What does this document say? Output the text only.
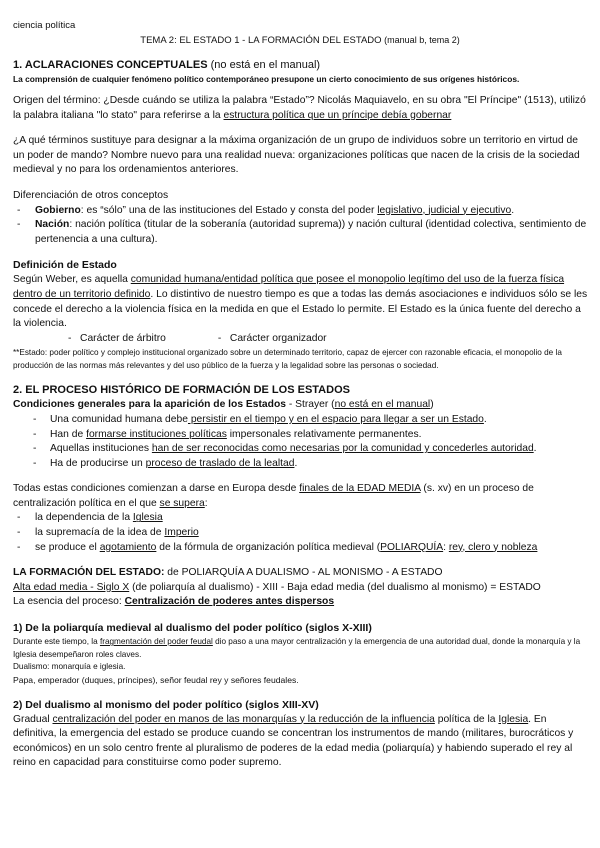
ciencia política
TEMA 2: EL ESTADO 1 - LA FORMACIÓN DEL ESTADO (manual b, tema 2)

1. ACLARACIONES CONCEPTUALES (no está en el manual)

La comprensión de cualquier fenómeno político contemporáneo presupone un cierto conocimiento de sus orígenes históricos.

Origen del término: ¿Desde cuándo se utiliza la palabra “Estado”? Nicolás Maquiavelo, en su obra "El Príncipe" (1513), utilizó la palabra italiana "lo stato" para referirse a la estructura política que un príncipe debía gobernar

¿A qué términos sustituye para designar a la máxima organización de un grupo de individuos sobre un territorio en virtud de un poder de mando? Nombre nuevo para una realidad nueva: organizaciones políticas que nacen de la crisis de la sociedad medieval y no para los ordenamientos anteriores.

Diferenciación de otros conceptos

- Gobierno: es “sólo” una de las instituciones del Estado y consta del poder legislativo, judicial y ejecutivo.
- Nación: nación política (titular de la soberanía (autoridad suprema)) y nación cultural (identidad colectiva, sentimiento de pertenencia a una cultura).

Definición de Estado

Según Weber, es aquella comunidad humana/entidad política que posee el monopolio legítimo del uso de la fuerza física dentro de un territorio definido. Lo distintivo de nuestro tiempo es que a todas las demás asociaciones e individuos sólo se les concede el derecho a la violencia física en la medida en que el Estado lo permite. El Estado es la única fuente del derecho a la violencia.

-   Carácter de árbitro	-   Carácter organizador

**Estado: poder político y complejo institucional organizado sobre un determinado territorio, capaz de ejercer con razonable eficacia, el monopolio de la producción de las normas más relevantes y del uso público de la fuerza y la legalidad sobre las personas o sociedad.

2. EL PROCESO HISTÓRICO DE FORMACIÓN DE LOS ESTADOS

Condiciones generales para la aparición de los Estados - Strayer (no está en el manual)

- Una comunidad humana debe persistir en el tiempo y en el espacio para llegar a ser un Estado.
- Han de formarse instituciones políticas impersonales relativamente permanentes.
- Aquellas instituciones han de ser reconocidas como necesarias por la comunidad y concederles autoridad.
- Ha de producirse un proceso de traslado de la lealtad.

Todas estas condiciones comienzan a darse en Europa desde finales de la EDAD MEDIA (s. xv) en un proceso de centralización política en el que se supera:

- la dependencia de la Iglesia
- la supremacía de la idea de Imperio
- se produce el agotamiento de la fórmula de organización política medieval (POLIARQUÍA: rey, clero y nobleza

LA FORMACIÓN DEL ESTADO: de POLIARQUÍA A DUALISMO - AL MONISMO - A ESTADO

Alta edad media - Siglo X (de poliarquía al dualismo) - XIII - Baja edad media (del dualismo al monismo) = ESTADO

La esencia del proceso: Centralización de poderes antes dispersos

1) De la poliarquía medieval al dualismo del poder político (siglos X-XIII)

Durante este tiempo, la fragmentación del poder feudal dio paso a una mayor centralización y la emergencia de una autoridad dual, donde la monarquía y la Iglesia desempeñaron roles claves.

Dualismo: monarquía e iglesia.

Papa, emperador (duques, príncipes), señor feudal rey y señores feudales.

2) Del dualismo al monismo del poder político (siglos XIII-XV)

Gradual centralización del poder en manos de las monarquías y la reducción de la influencia política de la Iglesia. En definitiva, la emergencia del estado se produce cuando se concentran los instrumentos de mando (militares, burocráticos y económicos) en un solo centro frente al pluralismo de poderes de la edad media (poliarquía) y habiendo superado el rey al reino en capacidad para constituirse como poder supremo.
